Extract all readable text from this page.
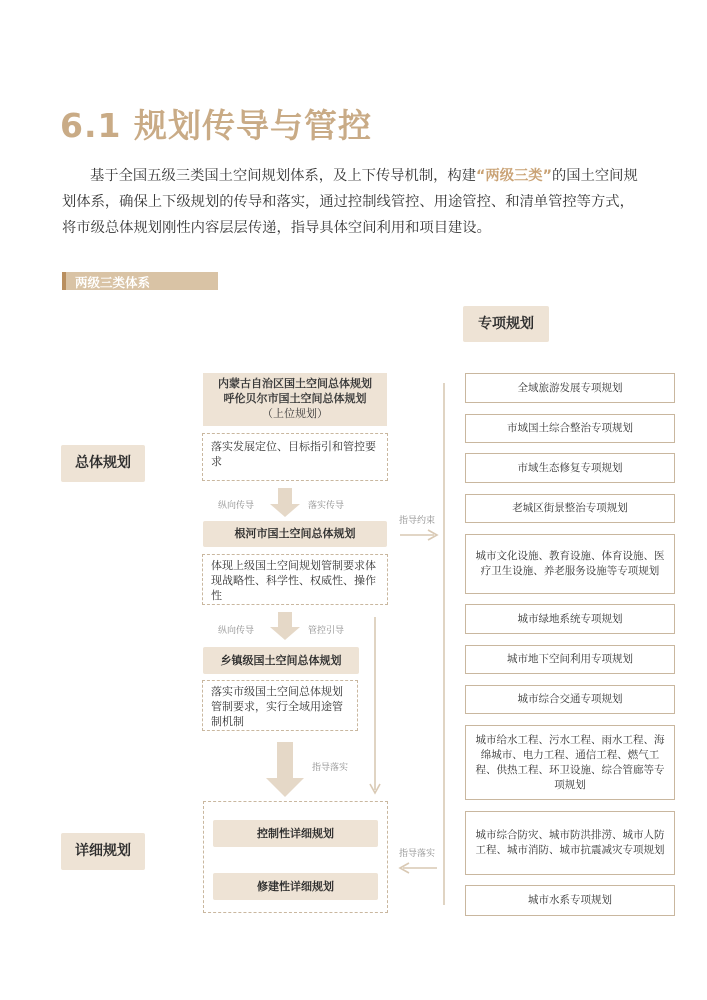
6.1 规划传导与管控
基于全国五级三类国土空间规划体系，及上下传导机制，构建“两级三类”的国土空间规划体系，确保上下级规划的传导和落实，通过控制线管控、用途管控、和清单管控等方式，将市级总体规划刚性内容层层传递，指导具体空间利用和项目建设。
两级三类体系
总体规划
详细规划
专项规划
内蒙古自治区国土空间总体规划
呼伦贝尔市国土空间总体规划
（上位规划）
落实发展定位、目标指引和管控要求
纵向传导	落实传导
根河市国土空间总体规划
体现上级国土空间规划管制要求体现战略性、科学性、权威性、操作性
纵向传导	管控引导
乡镇级国土空间总体规划
落实市级国土空间总体规划管制要求，实行全域用途管制机制
指导落实
指导约束
指导落实
控制性详细规划
修建性详细规划
全域旅游发展专项规划
市域国土综合整治专项规划
市域生态修复专项规划
老城区街景整治专项规划
城市文化设施、教育设施、体育设施、医疗卫生设施、养老服务设施等专项规划
城市绿地系统专项规划
城市地下空间利用专项规划
城市综合交通专项规划
城市给水工程、污水工程、雨水工程、海绵城市、电力工程、通信工程、燃气工程、供热工程、环卫设施、综合管廊等专项规划
城市综合防灾、城市防洪排涝、城市人防工程、城市消防、城市抗震减灾专项规划
城市水系专项规划
